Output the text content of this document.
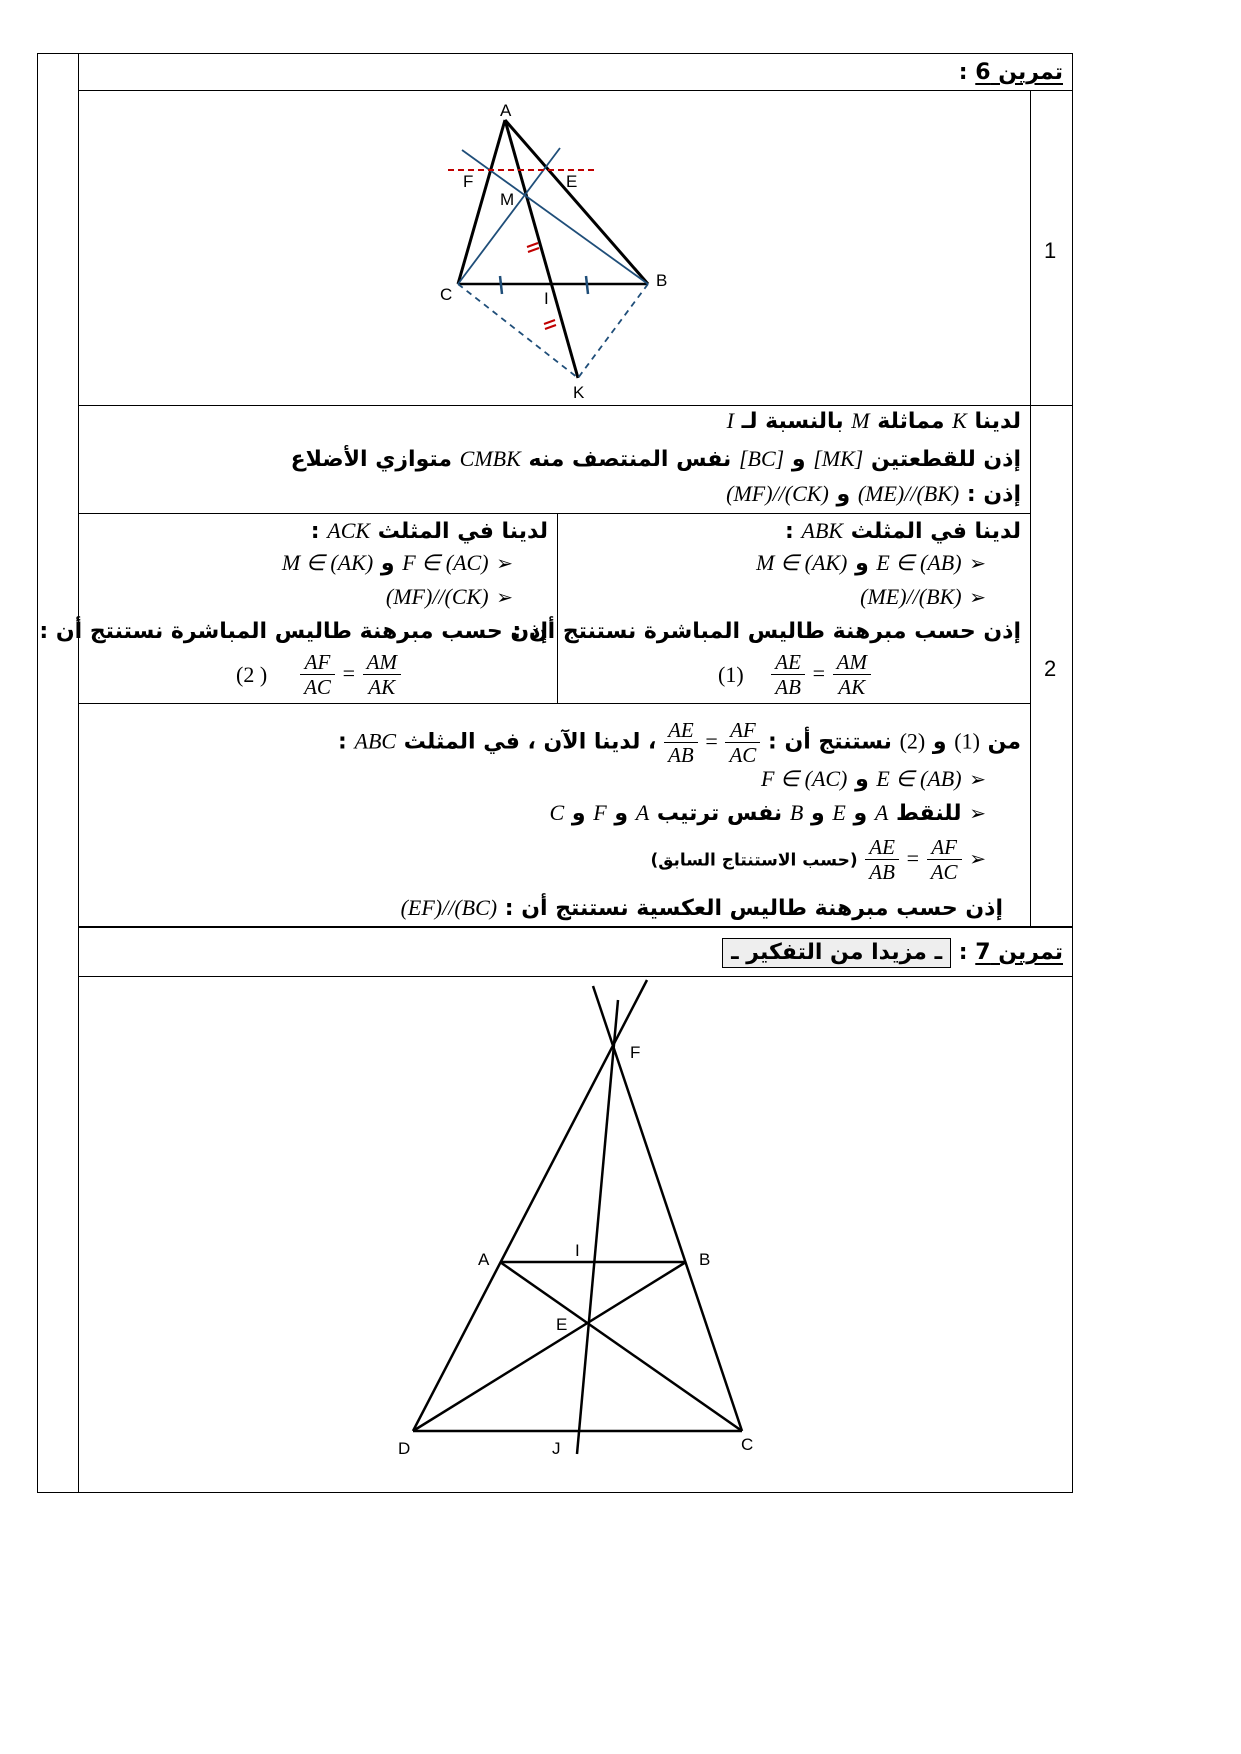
تمرين 6 :
1
2
A
F	E
M
C
B
I
K
لدينا K مماثلة M بالنسبة لـ I
إذن للقطعتين [MK] و [BC] نفس المنتصف منه CMBK متوازي الأضلاع
إذن : (ME)//(BK) و (MF)//(CK)
لدينا في المثلث ABK :
➢ E ∈ (AB) و M ∈ (AK)
➢ (ME)//(BK)
إذن حسب مبرهنة طاليس المباشرة نستنتج أن :
$\frac{AE}{AB} = \frac{AM}{AK}$
(1)
لدينا في المثلث ACK :
➢ F ∈ (AC) و M ∈ (AK)
➢ (MF)//(CK)
إذن حسب مبرهنة طاليس المباشرة نستنتج أن :
$\frac{AF}{AC} = \frac{AM}{AK}$
(2 )
من (1) و (2) نستنتج أن :
$\frac{AE}{AB} = \frac{AF}{AC}$
، لدينا الآن ، في المثلث ABC :
➢ E ∈ (AB) و F ∈ (AC)
➢ للنقط A و E و B نفس ترتيب A و F و C
➢
$\frac{AE}{AB} = \frac{AF}{AC}$
(حسب الاستنتاج السابق)
إذن حسب مبرهنة طاليس العكسية نستنتج أن : (EF)//(BC)
تمرين 7 : ـ مزيدا من التفكير ـ
F
A	I	B
E
D	J	C
